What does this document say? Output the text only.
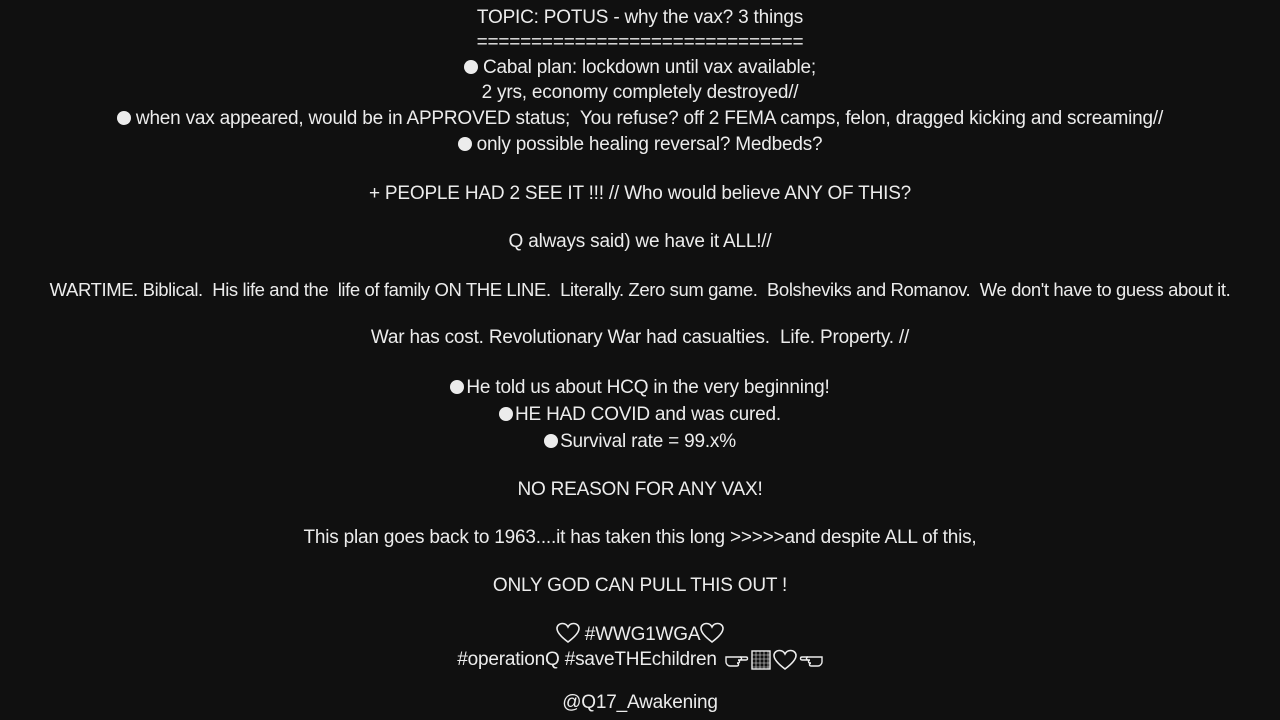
TOPIC: POTUS - why the vax? 3 things
==============================
Cabal plan: lockdown until vax available;
2 yrs, economy completely destroyed//
when vax appeared, would be in APPROVED status;  You refuse? off 2 FEMA camps, felon, dragged kicking and screaming//
only possible healing reversal? Medbeds?
+ PEOPLE HAD 2 SEE IT !!! // Who would believe ANY OF THIS?
Q always said) we have it ALL!//
WARTIME. Biblical.  His life and the  life of family ON THE LINE.  Literally. Zero sum game.  Bolsheviks and Romanov.  We don't have to guess about it.
War has cost. Revolutionary War had casualties.  Life. Property. //
He told us about HCQ in the very beginning!
HE HAD COVID and was cured.
Survival rate = 99.x%
NO REASON FOR ANY VAX!
This plan goes back to 1963....it has taken this long >>>>>and despite ALL of this,
ONLY GOD CAN PULL THIS OUT !
#WWG1WGA
#operationQ #saveTHEchildren
@Q17_Awakening
